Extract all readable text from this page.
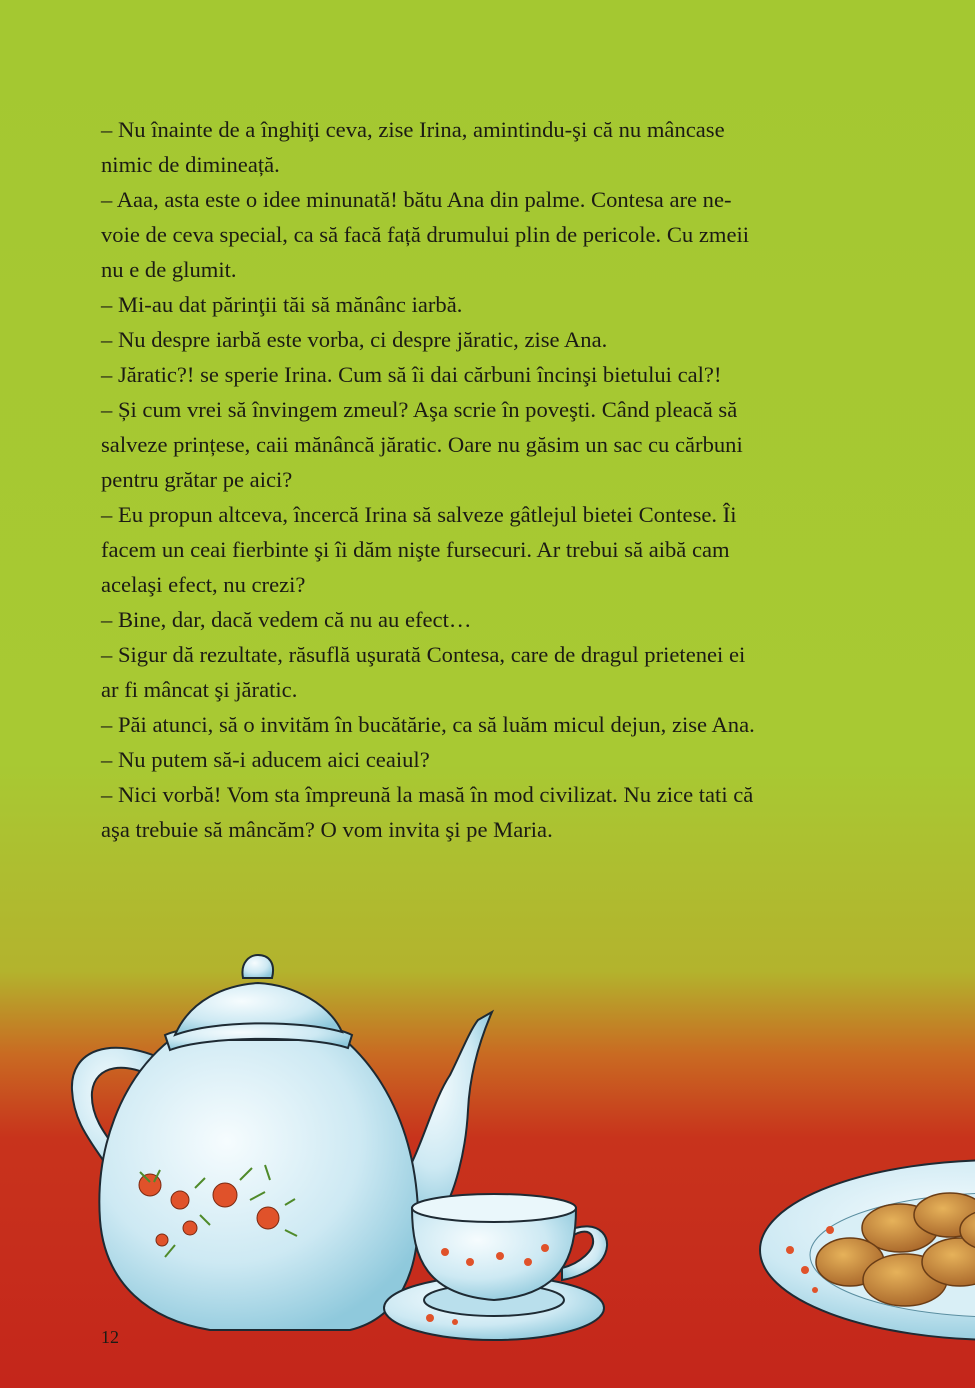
– Nu înainte de a înghiţi ceva, zise Irina, amintindu-şi că nu mâncase
nimic de dimineață.

– Aaa, asta este o idee minunată! bătu Ana din palme. Contesa are ne-
voie de ceva special, ca să facă față drumului plin de pericole. Cu zmeii
nu e de glumit.

– Mi-au dat părinţii tăi să mănânc iarbă.

– Nu despre iarbă este vorba, ci despre jăratic, zise Ana.

– Jăratic?! se sperie Irina. Cum să îi dai cărbuni încinşi bietului cal?!

– Și cum vrei să învingem zmeul? Aşa scrie în poveşti. Când pleacă să
salveze prințese, caii mănâncă jăratic. Oare nu găsim un sac cu cărbuni
pentru grătar pe aici?

– Eu propun altceva, încercă Irina să salveze gâtlejul bietei Contese. Îi
facem un ceai fierbinte şi îi dăm nişte fursecuri. Ar trebui să aibă cam
acelaşi efect, nu crezi?

– Bine, dar, dacă vedem că nu au efect…

– Sigur dă rezultate, răsuflă uşurată Contesa, care de dragul prietenei ei
ar fi mâncat şi jăratic.

– Păi atunci, să o invităm în bucătărie, ca să luăm micul dejun, zise Ana.

– Nu putem să-i aducem aici ceaiul?

– Nici vorbă! Vom sta împreună la masă în mod civilizat. Nu zice tati că
aşa trebuie să mâncăm? O vom invita şi pe Maria.

12
